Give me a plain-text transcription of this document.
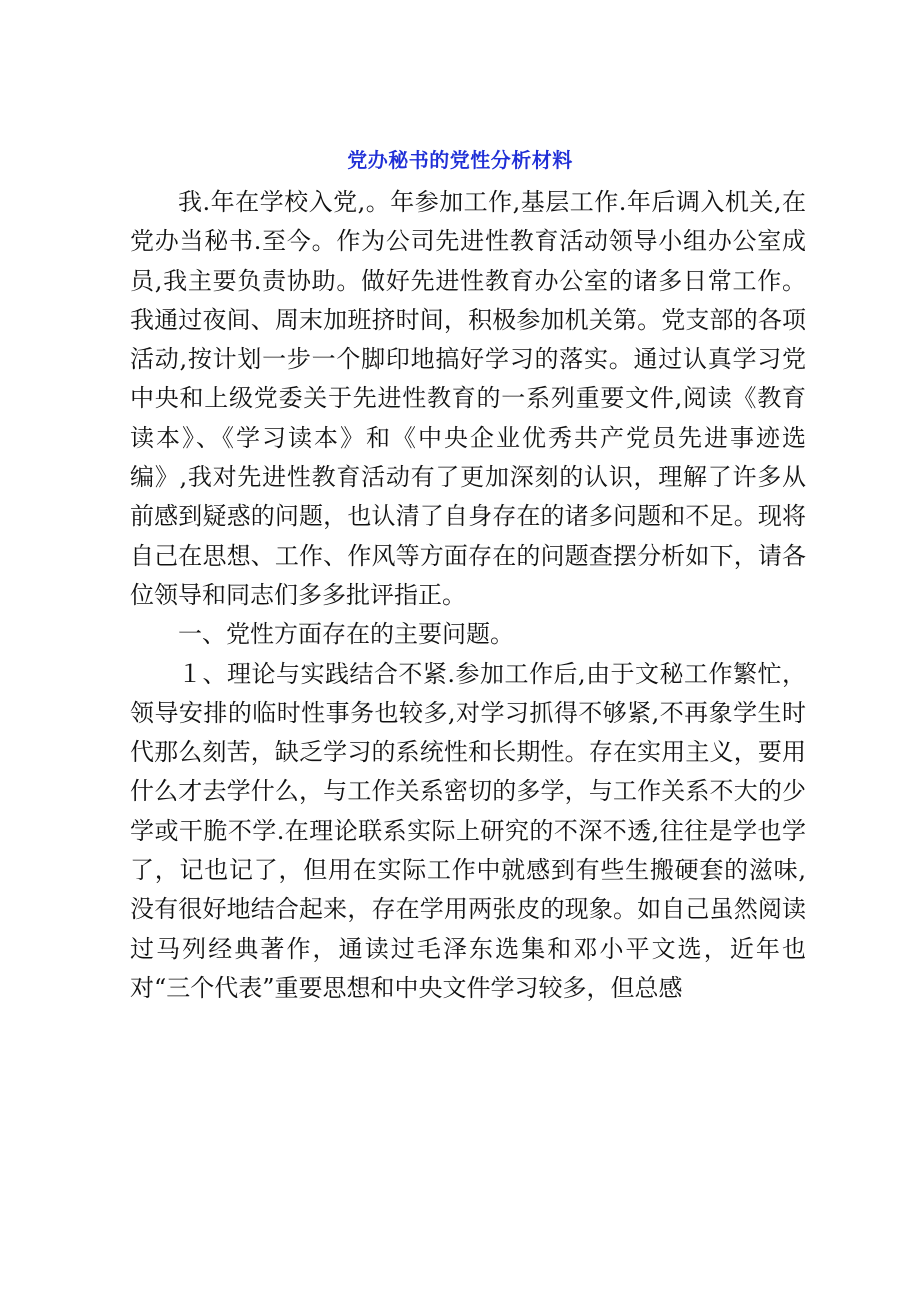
党办秘书的党性分析材料

我.年在学校入党,。年参加工作,基层工作.年后调入机关,在党办当秘书.至今。作为公司先进性教育活动领导小组办公室成员,我主要负责协助。做好先进性教育办公室的诸多日常工作。我通过夜间、周末加班挤时间，积极参加机关第。党支部的各项活动,按计划一步一个脚印地搞好学习的落实。通过认真学习党中央和上级党委关于先进性教育的一系列重要文件,阅读《教育读本》、《学习读本》和《中央企业优秀共产党员先进事迹选编》,我对先进性教育活动有了更加深刻的认识，理解了许多从前感到疑惑的问题，也认清了自身存在的诸多问题和不足。现将自己在思想、工作、作风等方面存在的问题查摆分析如下，请各位领导和同志们多多批评指正。

一、党性方面存在的主要问题。

１、理论与实践结合不紧.参加工作后,由于文秘工作繁忙，领导安排的临时性事务也较多,对学习抓得不够紧,不再象学生时代那么刻苦，缺乏学习的系统性和长期性。存在实用主义，要用什么才去学什么，与工作关系密切的多学，与工作关系不大的少学或干脆不学.在理论联系实际上研究的不深不透,往往是学也学了，记也记了，但用在实际工作中就感到有些生搬硬套的滋味,没有很好地结合起来，存在学用两张皮的现象。如自己虽然阅读过马列经典著作，通读过毛泽东选集和邓小平文选，近年也对“三个代表”重要思想和中央文件学习较多，但总感
